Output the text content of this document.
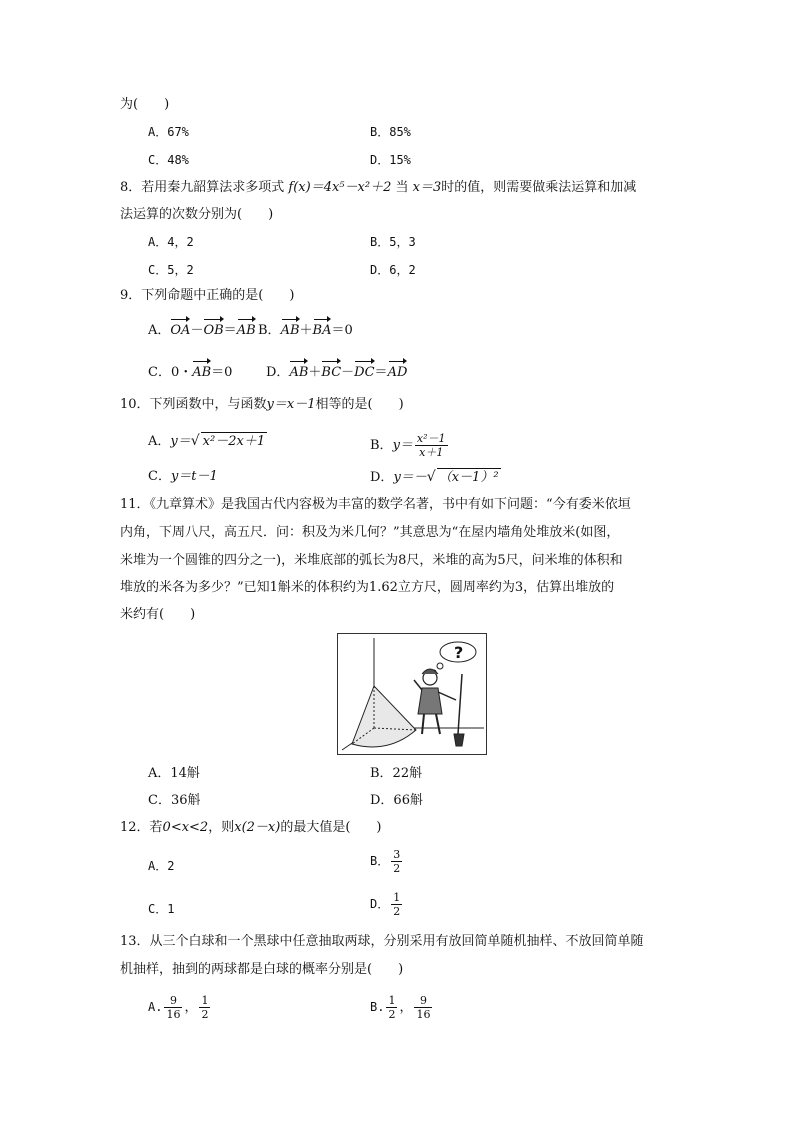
为(　　)
A．67%	B．85%
C．48%	D．15%
8．若用秦九韶算法求多项式 f(x)＝4x⁵－x²＋2 当 x＝3时的值，则需要做乘法运算和加减
法运算的次数分别为(　　)
A．4，2	B．5，3
C．5，2	D．6，2
9．下列命题中正确的是(　　)
A．OA－OB＝AB B．AB＋BA＝0
C．0・AB＝0	D．AB＋BC－DC＝AD
10．下列函数中，与函数y＝x－1相等的是(　　)
A．y＝√ x²－2x＋1	B．$y= \frac{\text{x²－1}}{x+1}$
C．y＝t－1	D．y＝－√ （x－1）²
11．《九章算术》是我国古代内容极为丰富的数学名著，书中有如下问题：“今有委米依垣
内角，下周八尺，高五尺．问：积及为米几何？”其意思为“在屋内墙角处堆放米(如图，
米堆为一个圆锥的四分之一)，米堆底部的弧长为8尺，米堆的高为5尺，问米堆的体积和
堆放的米各为多少？”已知1斛米的体积约为1.62立方尺，圆周率约为3，估算出堆放的
米约有(　　)
?
A．14斛	B．22斛
C．36斛	D．66斛
12．若0<x<2，则x(2－x)的最大值是(　　)
A．2	B． $\frac{3}{2}$
C．1	D． $\frac{1}{2}$
13．从三个白球和一个黑球中任意抽取两球，分别采用有放回简单随机抽样、不放回简单随
机抽样，抽到的两球都是白球的概率分别是(　　)
A. $\frac{9}{16}$ ， $\frac{1}{2}$	B. $\frac{1}{2}$ ， $\frac{9}{16}$
